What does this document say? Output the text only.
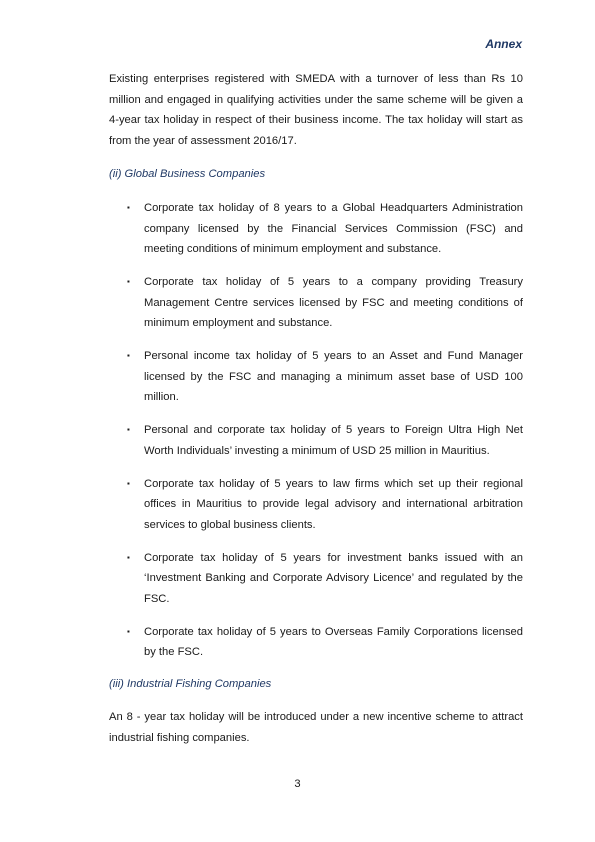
Annex

Existing enterprises registered with SMEDA with a turnover of less than Rs 10 million and engaged in qualifying activities under the same scheme will be given a 4-year tax holiday in respect of their business income. The tax holiday will start as from the year of assessment 2016/17.

(ii) Global Business Companies
▪ Corporate tax holiday of 8 years to a Global Headquarters Administration company licensed by the Financial Services Commission (FSC) and meeting conditions of minimum employment and substance.
▪ Corporate tax holiday of 5 years to a company providing Treasury Management Centre services licensed by FSC and meeting conditions of minimum employment and substance.
▪ Personal income tax holiday of 5 years to an Asset and Fund Manager licensed by the FSC and managing a minimum asset base of USD 100 million.
▪ Personal and corporate tax holiday of 5 years to Foreign Ultra High Net Worth Individuals’ investing a minimum of USD 25 million in Mauritius.
▪ Corporate tax holiday of 5 years to law firms which set up their regional offices in Mauritius to provide legal advisory and international arbitration services to global business clients.
▪ Corporate tax holiday of 5 years for investment banks issued with an ‘Investment Banking and Corporate Advisory Licence’ and regulated by the FSC.
▪ Corporate tax holiday of 5 years to Overseas Family Corporations licensed by the FSC.
(iii) Industrial Fishing Companies

An 8 - year tax holiday will be introduced under a new incentive scheme to attract industrial fishing companies.

3
